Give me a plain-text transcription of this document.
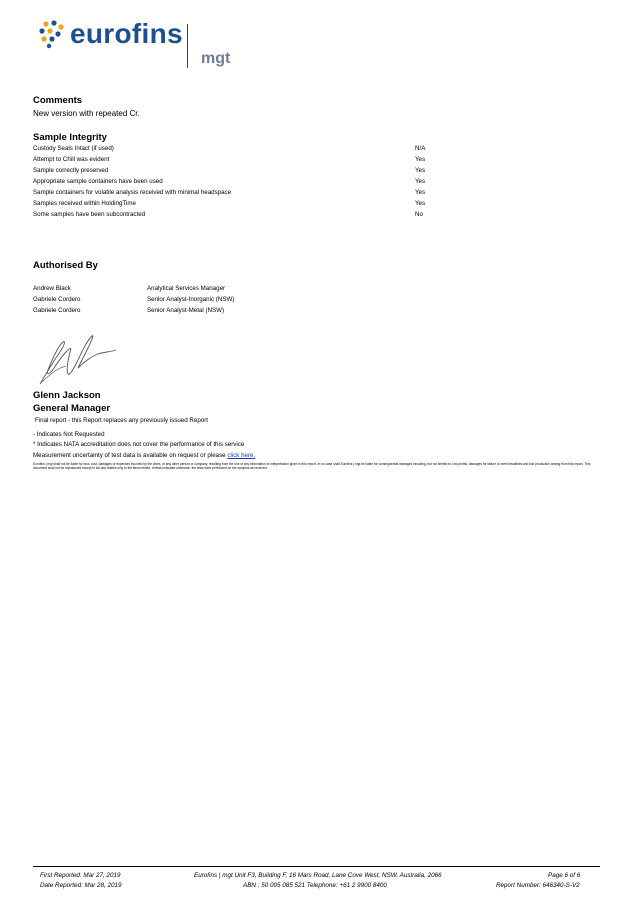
eurofins
mgt
Comments
New version with repeated Cr.
Sample Integrity
Custody Seals Intact (if used)	N/A
Attempt to Chill was evident	Yes
Sample correctly preserved	Yes
Appropriate sample containers have been used	Yes
Sample containers for volatile analysis received with minimal headspace	Yes
Samples received within HoldingTime	Yes
Some samples have been subcontracted	No
Authorised By
Andrew Black	Analytical Services Manager
Gabriele Cordero	Senior Analyst-Inorganic (NSW)
Gabriele Cordero	Senior Analyst-Metal (NSW)
Glenn Jackson
General Manager
Final report - this Report replaces any previously issued Report
- Indicates Not Requested
* Indicates NATA accreditation does not cover the performance of this service
Measurement uncertainty of test data is available on request or please click here.
Eurofins | mgt shall not be liable for loss, cost, damages or expenses incurred by the client, or any other person or company, resulting from the use of any information or interpretation given in this report. In no case shall Eurofins | mgt be liable for consequential damages including, but not limited to, lost profits, damages for failure to meet deadlines and lost production arising from this report. This document shall not be reproduced except in full and relates only to the items tested. Unless indicated otherwise, the tests were performed on the samples as received.
First Reported: Mar 27, 2019
Date Reported: Mar 28, 2019
Eurofins | mgt Unit F3, Building F, 16 Mars Road, Lane Cove West, NSW, Australia, 2066
ABN : 50 005 085 521 Telephone: +61 2 9900 8400
Page 6 of 6
Report Number: 646340-S-V2
